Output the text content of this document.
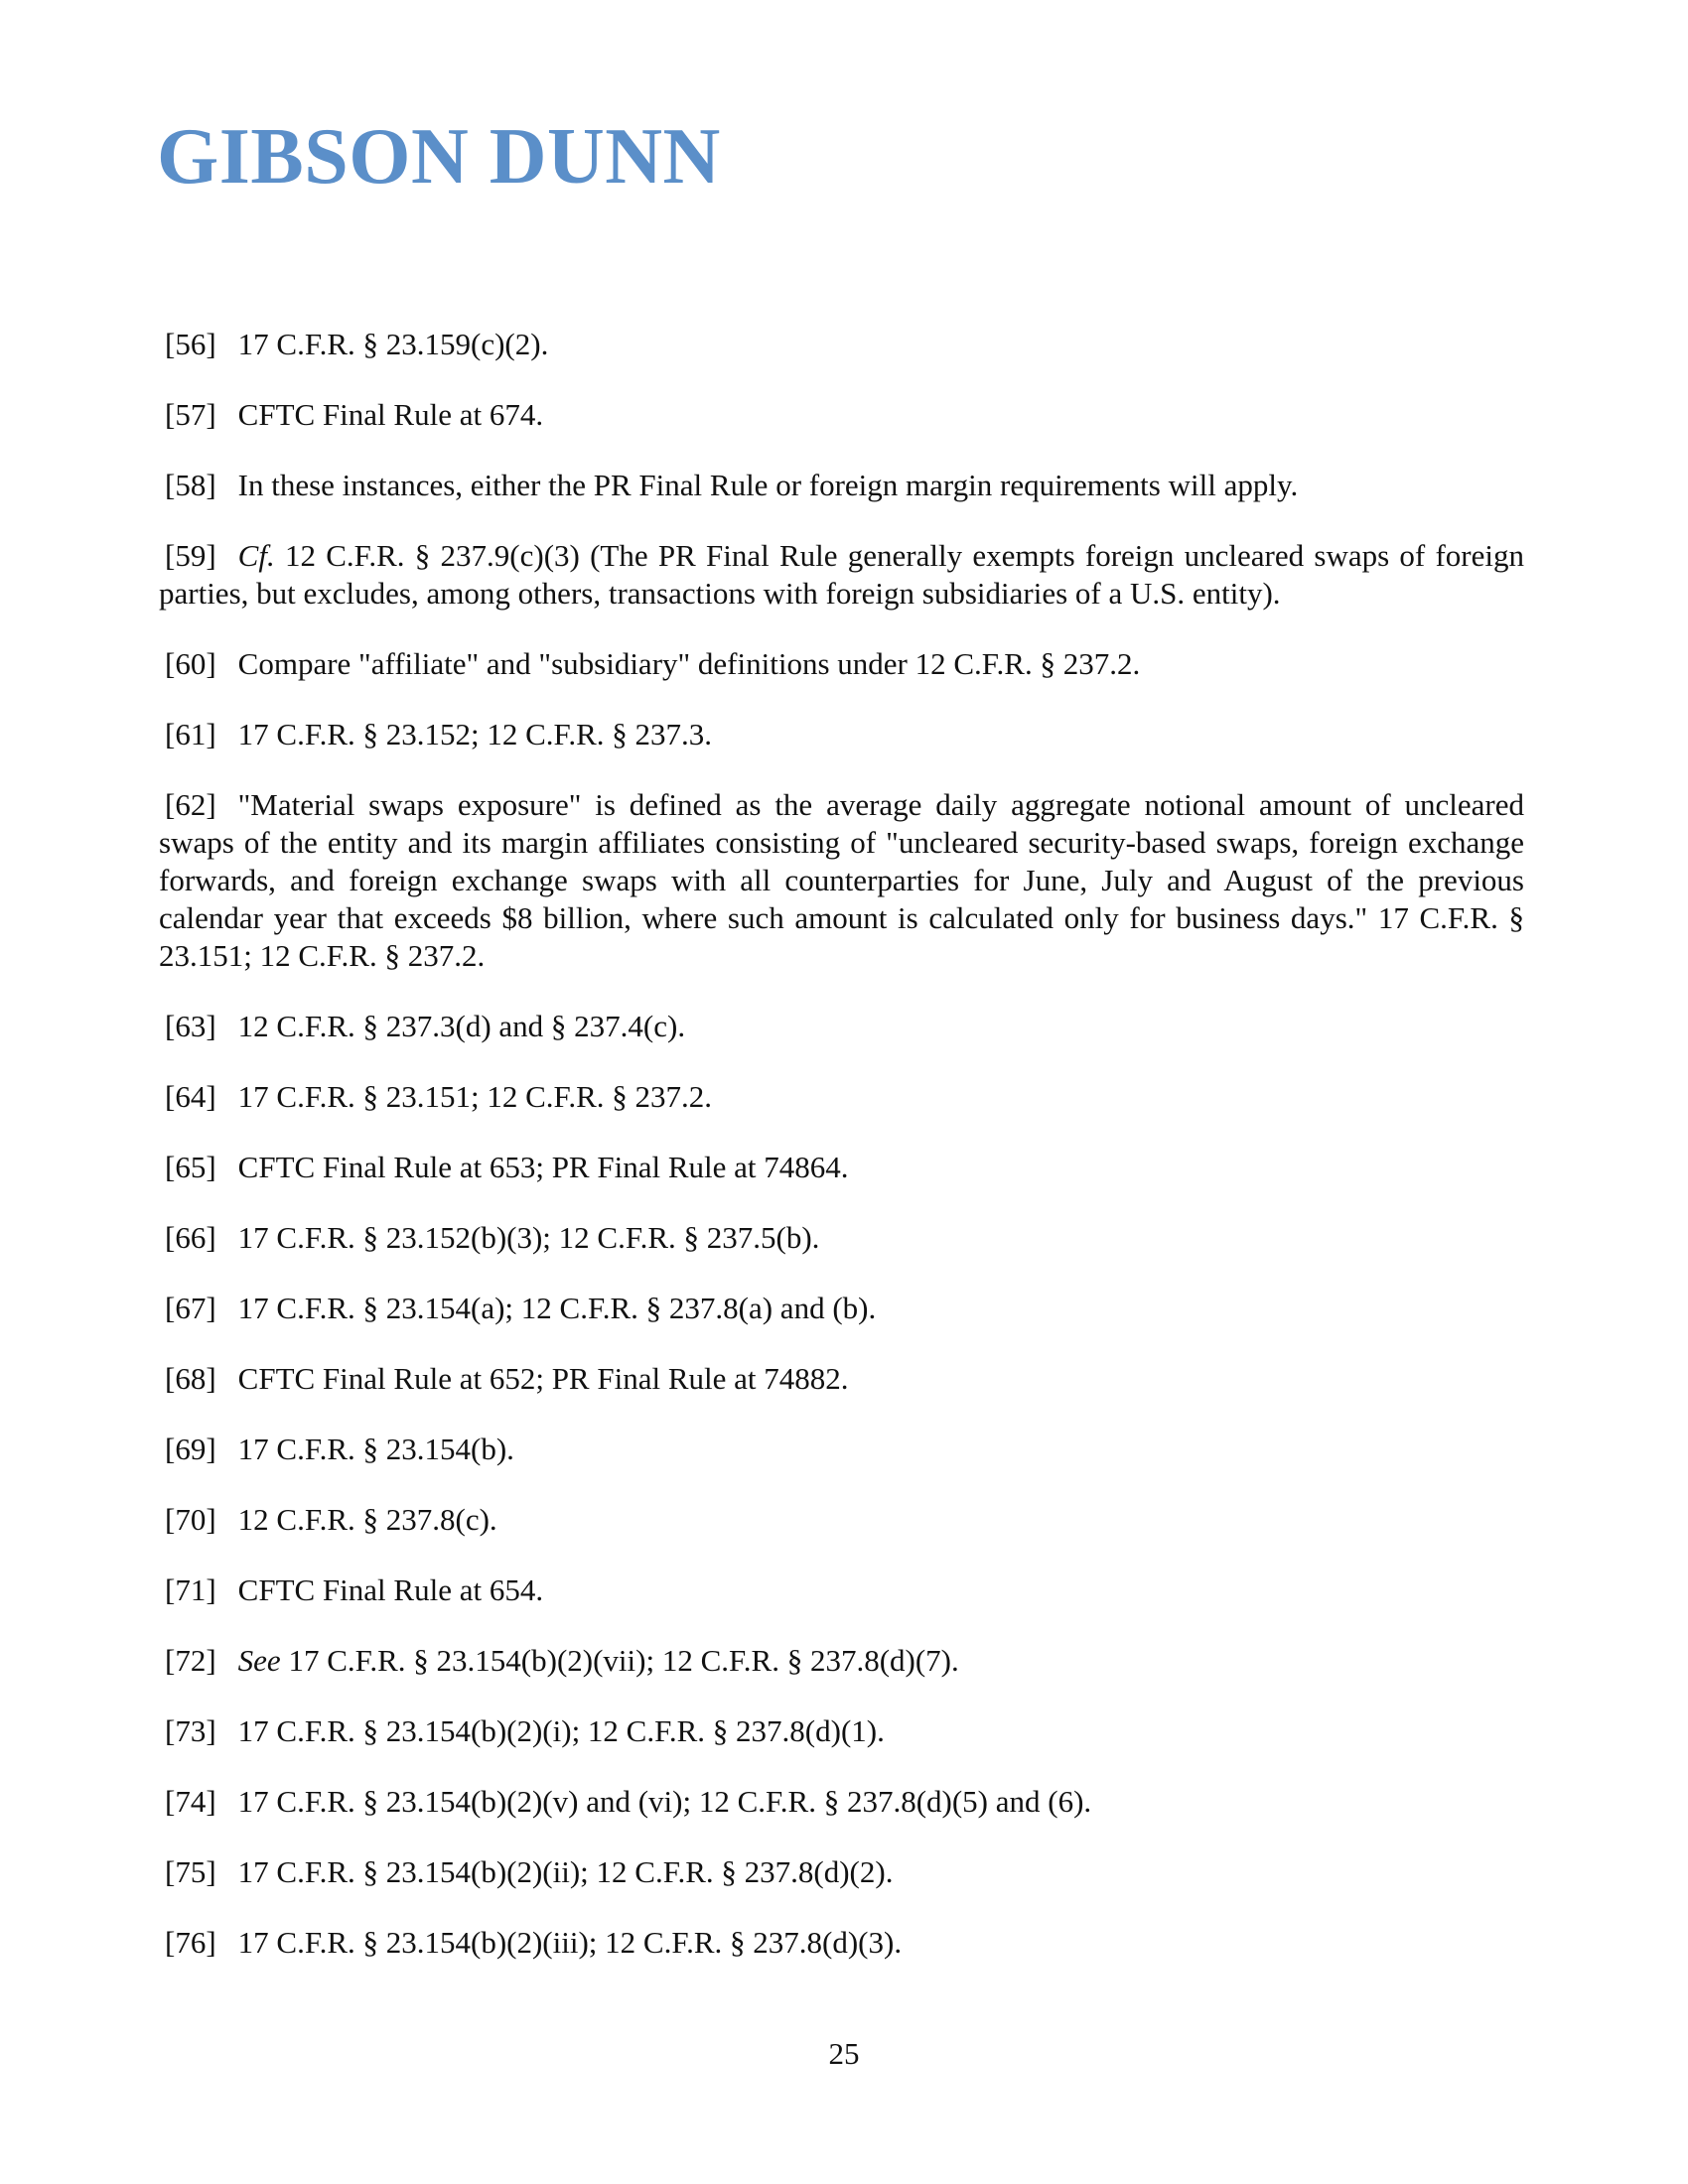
GIBSON DUNN

[56] 17 C.F.R. § 23.159(c)(2).

[57] CFTC Final Rule at 674.

[58] In these instances, either the PR Final Rule or foreign margin requirements will apply.

[59] Cf. 12 C.F.R. § 237.9(c)(3) (The PR Final Rule generally exempts foreign uncleared swaps of foreign parties, but excludes, among others, transactions with foreign subsidiaries of a U.S. entity).

[60] Compare "affiliate" and "subsidiary" definitions under 12 C.F.R. § 237.2.

[61] 17 C.F.R. § 23.152; 12 C.F.R. § 237.3.

[62] "Material swaps exposure" is defined as the average daily aggregate notional amount of uncleared swaps of the entity and its margin affiliates consisting of "uncleared security-based swaps, foreign exchange forwards, and foreign exchange swaps with all counterparties for June, July and August of the previous calendar year that exceeds $8 billion, where such amount is calculated only for business days." 17 C.F.R. § 23.151; 12 C.F.R. § 237.2.

[63] 12 C.F.R. § 237.3(d) and § 237.4(c).

[64] 17 C.F.R. § 23.151; 12 C.F.R. § 237.2.

[65] CFTC Final Rule at 653; PR Final Rule at 74864.

[66] 17 C.F.R. § 23.152(b)(3); 12 C.F.R. § 237.5(b).

[67] 17 C.F.R. § 23.154(a); 12 C.F.R. § 237.8(a) and (b).

[68] CFTC Final Rule at 652; PR Final Rule at 74882.

[69] 17 C.F.R. § 23.154(b).

[70] 12 C.F.R. § 237.8(c).

[71] CFTC Final Rule at 654.

[72] See 17 C.F.R. § 23.154(b)(2)(vii); 12 C.F.R. § 237.8(d)(7).

[73] 17 C.F.R. § 23.154(b)(2)(i); 12 C.F.R. § 237.8(d)(1).

[74] 17 C.F.R. § 23.154(b)(2)(v) and (vi); 12 C.F.R. § 237.8(d)(5) and (6).

[75] 17 C.F.R. § 23.154(b)(2)(ii); 12 C.F.R. § 237.8(d)(2).

[76] 17 C.F.R. § 23.154(b)(2)(iii); 12 C.F.R. § 237.8(d)(3).

25
